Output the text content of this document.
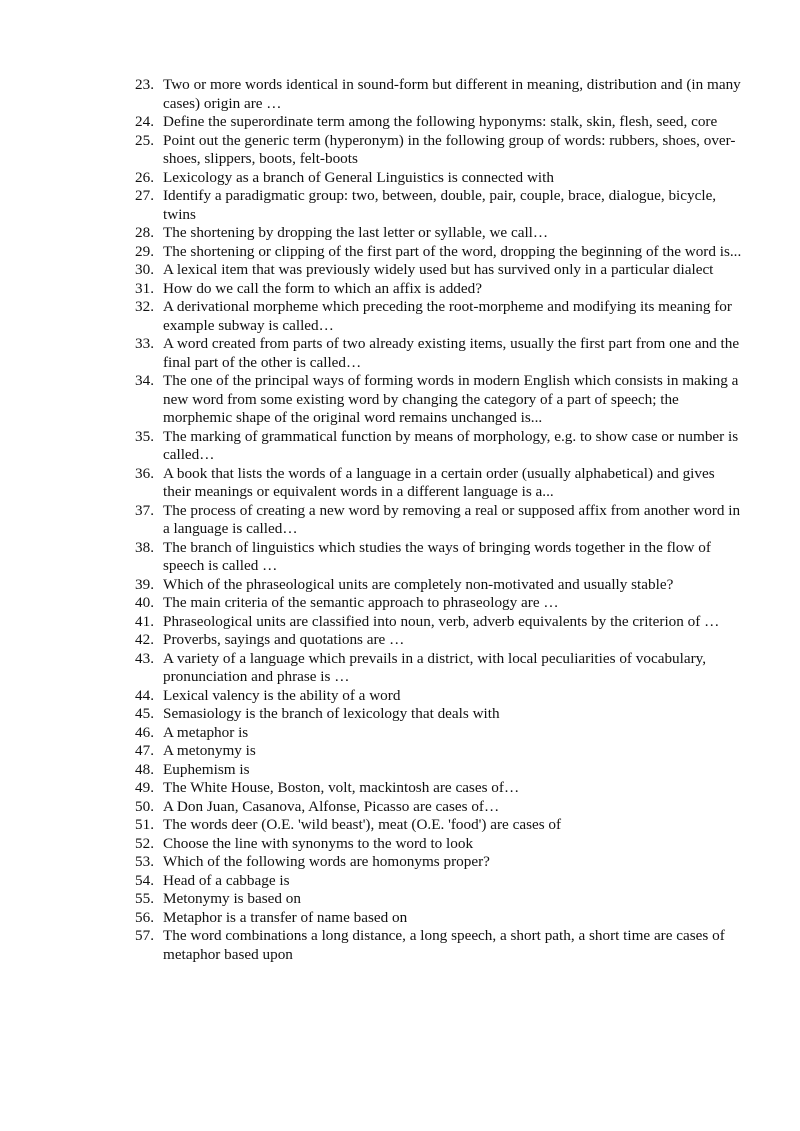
23. Two or more words identical in sound-form but different in meaning, distribution and (in many cases) origin are …
24. Define the superordinate term among the following hyponyms: stalk, skin, flesh, seed, core
25. Point out the generic term (hyperonym) in the following group of words: rubbers, shoes, over-shoes, slippers, boots, felt-boots
26. Lexicology as a branch of General Linguistics is connected with
27. Identify a paradigmatic group: two, between, double, pair, couple, brace, dialogue, bicycle, twins
28. The shortening by dropping the last letter or syllable, we call…
29. The shortening or clipping of the first part of the word, dropping the beginning of the word is...
30. A lexical item that was previously widely used but has survived only in a particular dialect
31. How do we call the form to which an affix is added?
32. A derivational morpheme which preceding the root-morpheme and modifying its meaning for example subway is called…
33. A word created from parts of two already existing items, usually the first part from one and the final part of the other is called…
34. The one of the principal ways of forming words in modern English which consists in making a new word from some existing word by changing the category of a part of speech; the morphemic shape of the original word remains unchanged is...
35. The marking of grammatical function by means of morphology, e.g. to show case or number is called…
36. A book that lists the words of a language in a certain order (usually alphabetical) and gives their meanings or equivalent words in a different language is a...
37. The process of creating a new word by removing a real or supposed affix from another word in a language is called…
38. The branch of linguistics which studies the ways of bringing words together in the flow of speech is called …
39. Which of the phraseological units are completely non-motivated and usually stable?
40. The main criteria of the semantic approach to phraseology are …
41. Phraseological units are classified into noun, verb, adverb equivalents by the criterion of …
42. Proverbs, sayings and quotations are …
43. A variety of a language which prevails in a district, with local peculiarities of vocabulary, pronunciation and phrase is …
44. Lexical valency is the ability of a word
45. Semasiology is the branch of lexicology that deals with
46. A metaphor is
47. A metonymy is
48. Euphemism is
49. The White House, Boston, volt, mackintosh are cases of…
50. A Don Juan, Casanova, Alfonse, Picasso are cases of…
51. The words deer (O.E. 'wild beast'), meat (O.E. 'food') are cases of
52. Choose the line with synonyms to the word to look
53. Which of the following words are homonyms proper?
54. Head of a cabbage is
55. Metonymy is based on
56. Metaphor is a transfer of name based on
57. The word combinations a long distance, a long speech, a short path, a short time are cases of metaphor based upon
